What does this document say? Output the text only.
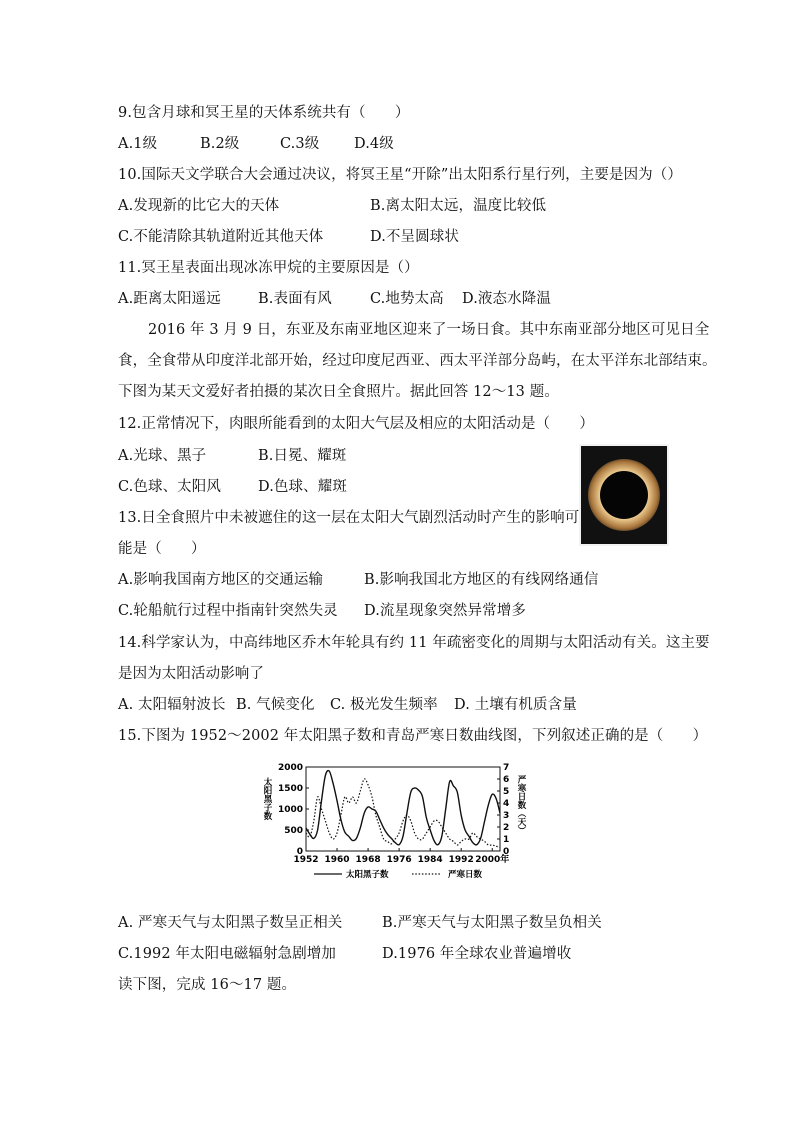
9.包含月球和冥王星的天体系统共有（　　）
A.1级	B.2级	C.3级 D.4级
10.国际天文学联合大会通过决议，将冥王星“开除”出太阳系行星行列，主要是因为（）
A.发现新的比它大的天体	B.离太阳太远，温度比较低
C.不能清除其轨道附近其他天体	D.不呈圆球状
11.冥王星表面出现冰冻甲烷的主要原因是（）
A.距离太阳遥远	B.表面有风	C.地势太高 D.液态水降温
2016 年 3 月 9 日，东亚及东南亚地区迎来了一场日食。其中东南亚部分地区可见日全
食，全食带从印度洋北部开始，经过印度尼西亚、西太平洋部分岛屿，在太平洋东北部结束。
下图为某天文爱好者拍摄的某次日全食照片。据此回答 12～13 题。
12.正常情况下，肉眼所能看到的太阳大气层及相应的太阳活动是（　　）
A.光球、黑子	B.日冕、耀斑
C.色球、太阳风	D.色球、耀斑
13.日全食照片中未被遮住的这一层在太阳大气剧烈活动时产生的影响可
能是（　　）
A.影响我国南方地区的交通运输	B.影响我国北方地区的有线网络通信
C.轮船航行过程中指南针突然失灵 D.流星现象突然异常增多
14.科学家认为，中高纬地区乔木年轮具有约 11 年疏密变化的周期与太阳活动有关。这主要
是因为太阳活动影响了
A. 太阳辐射波长 B. 气候变化 C. 极光发生频率 D. 土壤有机质含量
15.下图为 1952～2002 年太阳黑子数和青岛严寒日数曲线图，下列叙述正确的是（　　）
2000
1500
1000
500
0
7
6
5
4
3
2
1
0
1952 1960 1968 1976 1984 1992 2000年
太阳黑子数	严寒日数（天）
太阳黑子数	严寒日数
A. 严寒天气与太阳黑子数呈正相关	B.严寒天气与太阳黑子数呈负相关
C.1992 年太阳电磁辐射急剧增加	D.1976 年全球农业普遍增收
读下图，完成 16～17 题。
